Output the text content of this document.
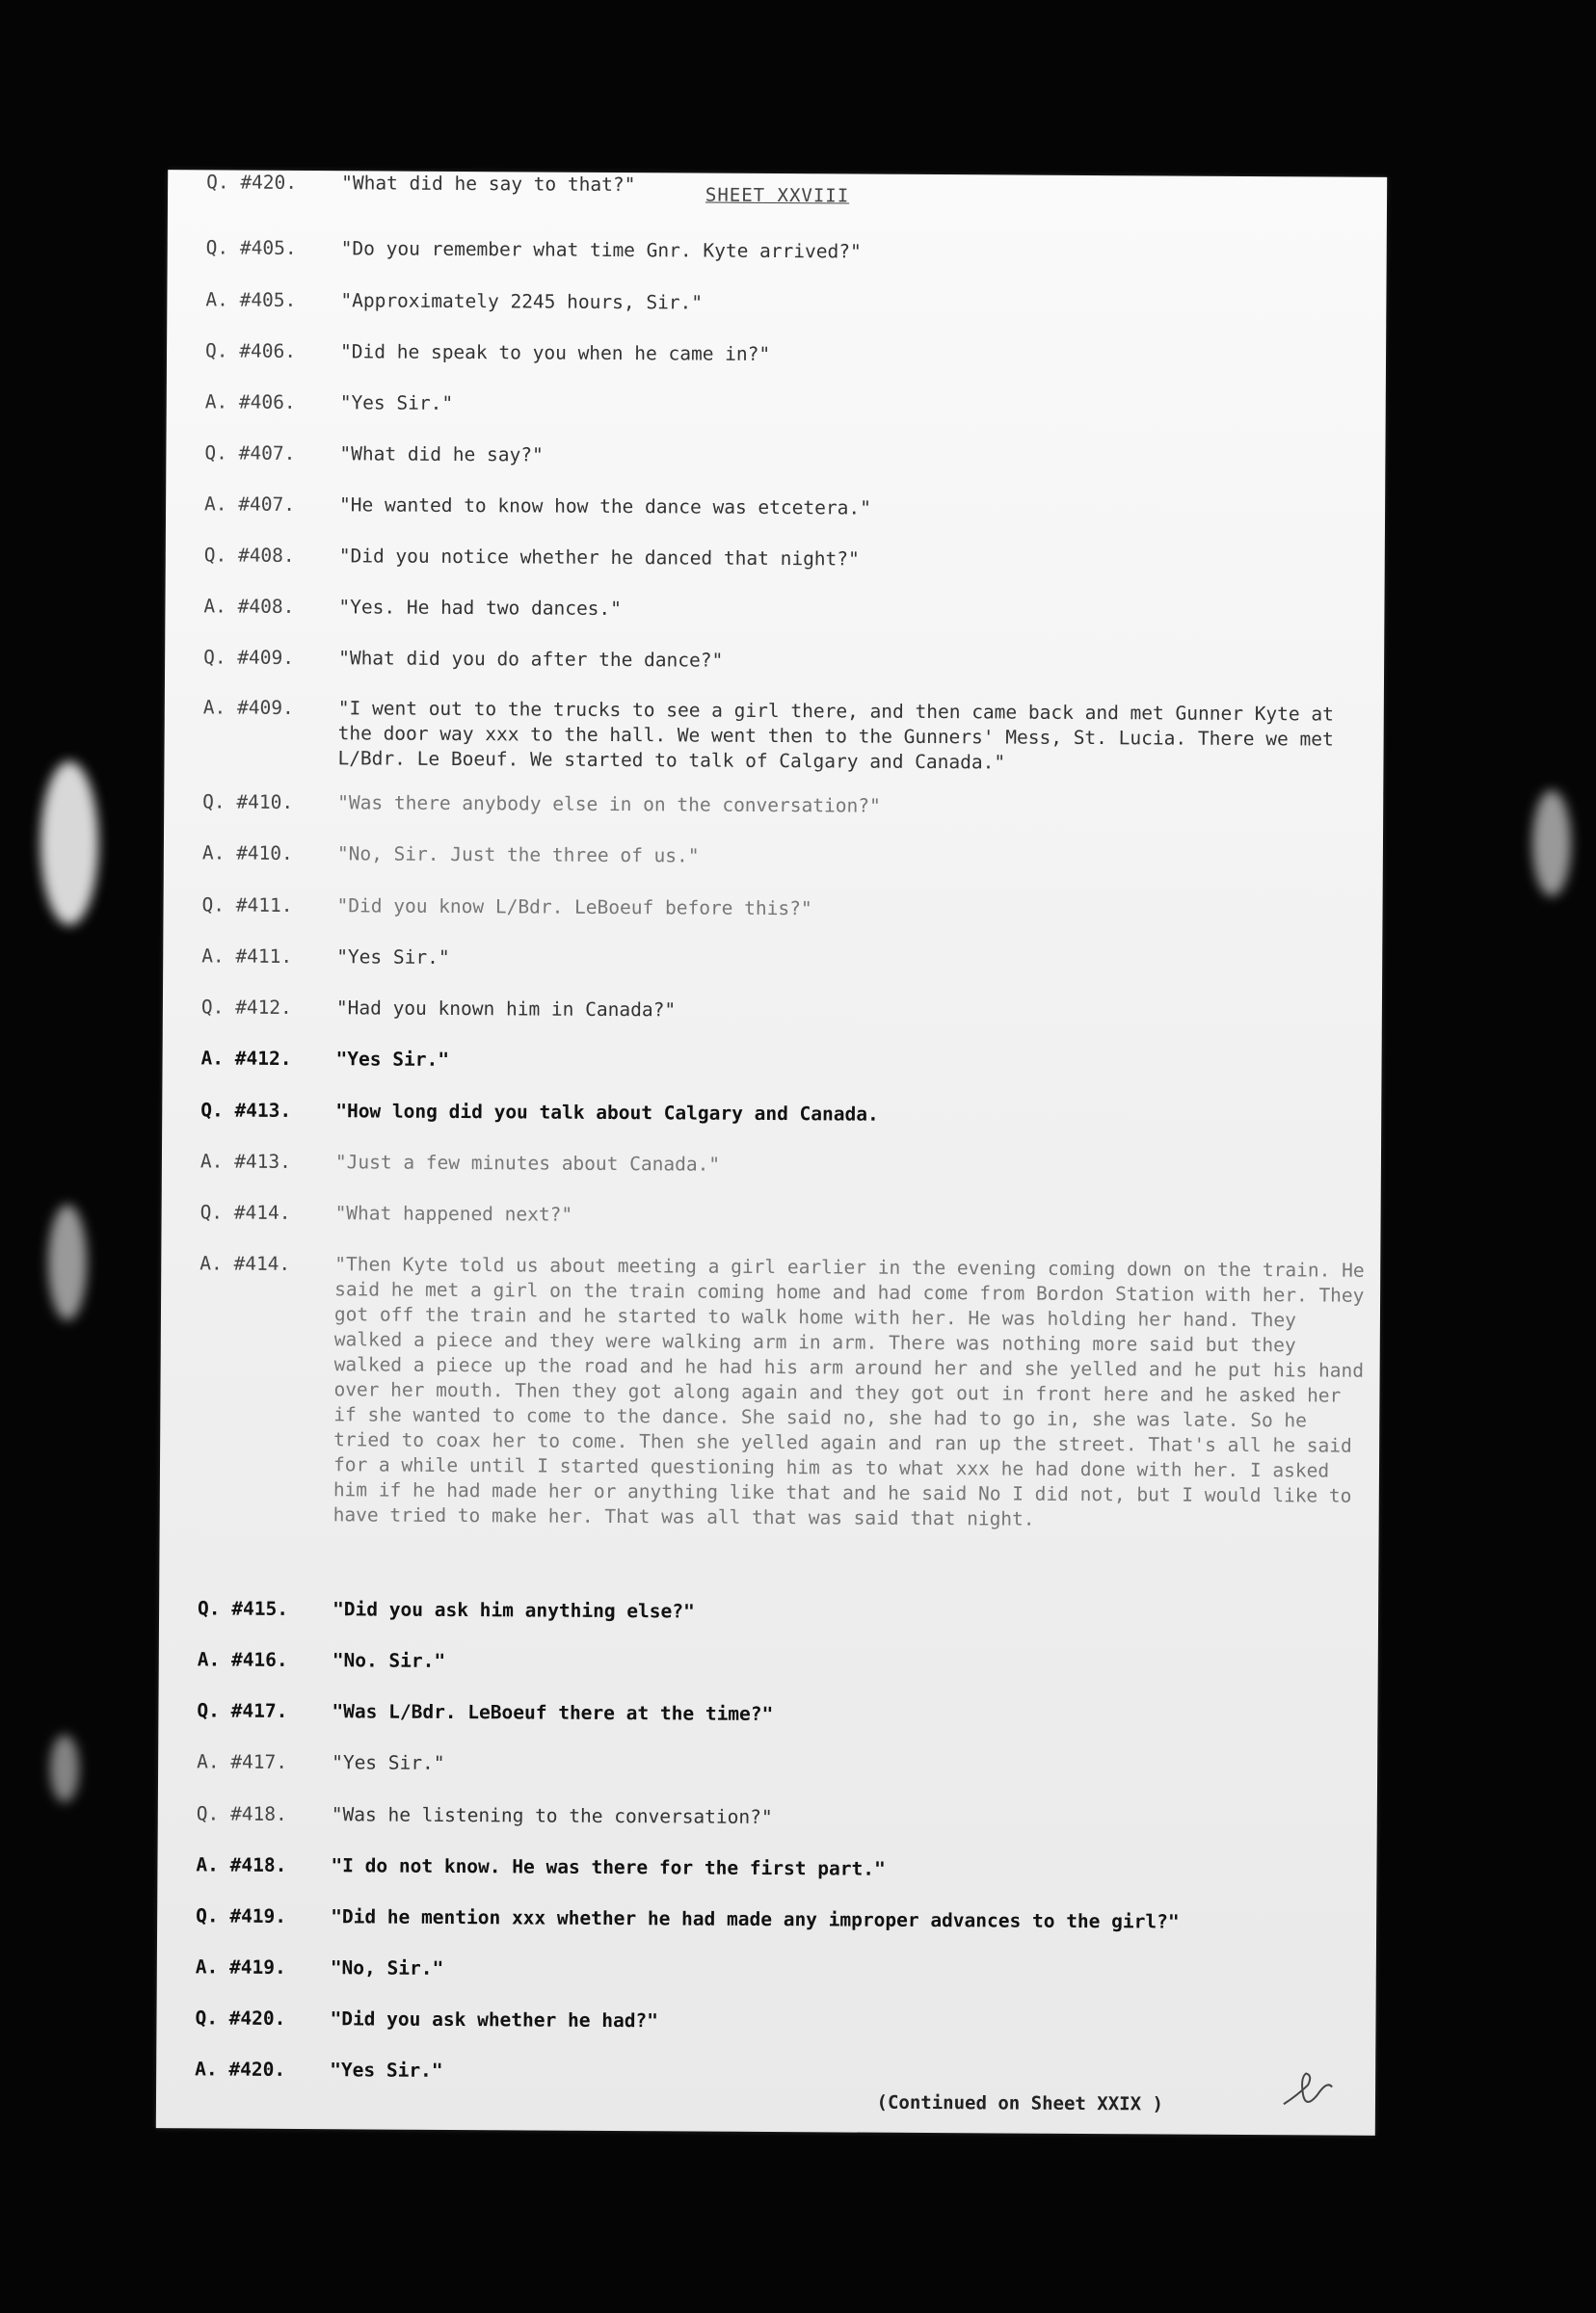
SHEET XXVIII
Q. #405.	"Do you remember what time Gnr. Kyte arrived?"
A. #405.	"Approximately 2245 hours, Sir."
Q. #406.	"Did he speak to you when he came in?"
A. #406.	"Yes Sir."
Q. #407.	"What did he say?"
A. #407.	"He wanted to know how the dance was etcetera."
Q. #408.	"Did you notice whether he danced that night?"
A. #408.	"Yes. He had two dances."
Q. #409.	"What did you do after the dance?"
A. #409.	"I went out to the trucks to see a girl there, and then came back and met Gunner Kyte at the door way xxx to the hall. We went then to the Gunners' Mess, St. Lucia. There we met L/Bdr. Le Boeuf. We started to talk of Calgary and Canada."
Q. #410.	"Was there anybody else in on the conversation?"
A. #410.	"No, Sir. Just the three of us."
Q. #411.	"Did you know L/Bdr. LeBoeuf before this?"
A. #411.	"Yes Sir."
Q. #412.	"Had you known him in Canada?"
A. #412.	"Yes Sir."
Q. #413.	"How long did you talk about Calgary and Canada.
A. #413.	"Just a few minutes about Canada."
Q. #414.	"What happened next?"
A. #414.	"Then Kyte told us about meeting a girl earlier in the evening coming down on the train. He said he met a girl on the train coming home and had come from Bordon Station with her. They got off the train and he started to walk home with her. He was holding her hand. They walked a piece and they were walking arm in arm. There was nothing more said but they walked a piece up the road and he had his arm around her and she yelled and he put his hand over her mouth. Then they got along again and they got out in front here and he asked her if she wanted to come to the dance. She said no, she had to go in, she was late. So he tried to coax her to come. Then she yelled again and ran up the street. That's all he said for a while until I started questioning him as to what xxx he had done with her. I asked him if he had made her or anything like that and he said No I did not, but I would like to have tried to make her. That was all that was said that night.
Q. #415.	"Did you ask him anything else?"
A. #416.	"No. Sir."
Q. #417.	"Was L/Bdr. LeBoeuf there at the time?"
A. #417.	"Yes Sir."
Q. #418.	"Was he listening to the conversation?"
A. #418.	"I do not know. He was there for the first part."
Q. #419.	"Did he mention xxx whether he had made any improper advances to the girl?"
A. #419.	"No, Sir."
Q. #420.	"Did you ask whether he had?"
A. #420.	"Yes Sir."
Q. #420.	"What did he say to that?"
(Continued on Sheet XXIX )
